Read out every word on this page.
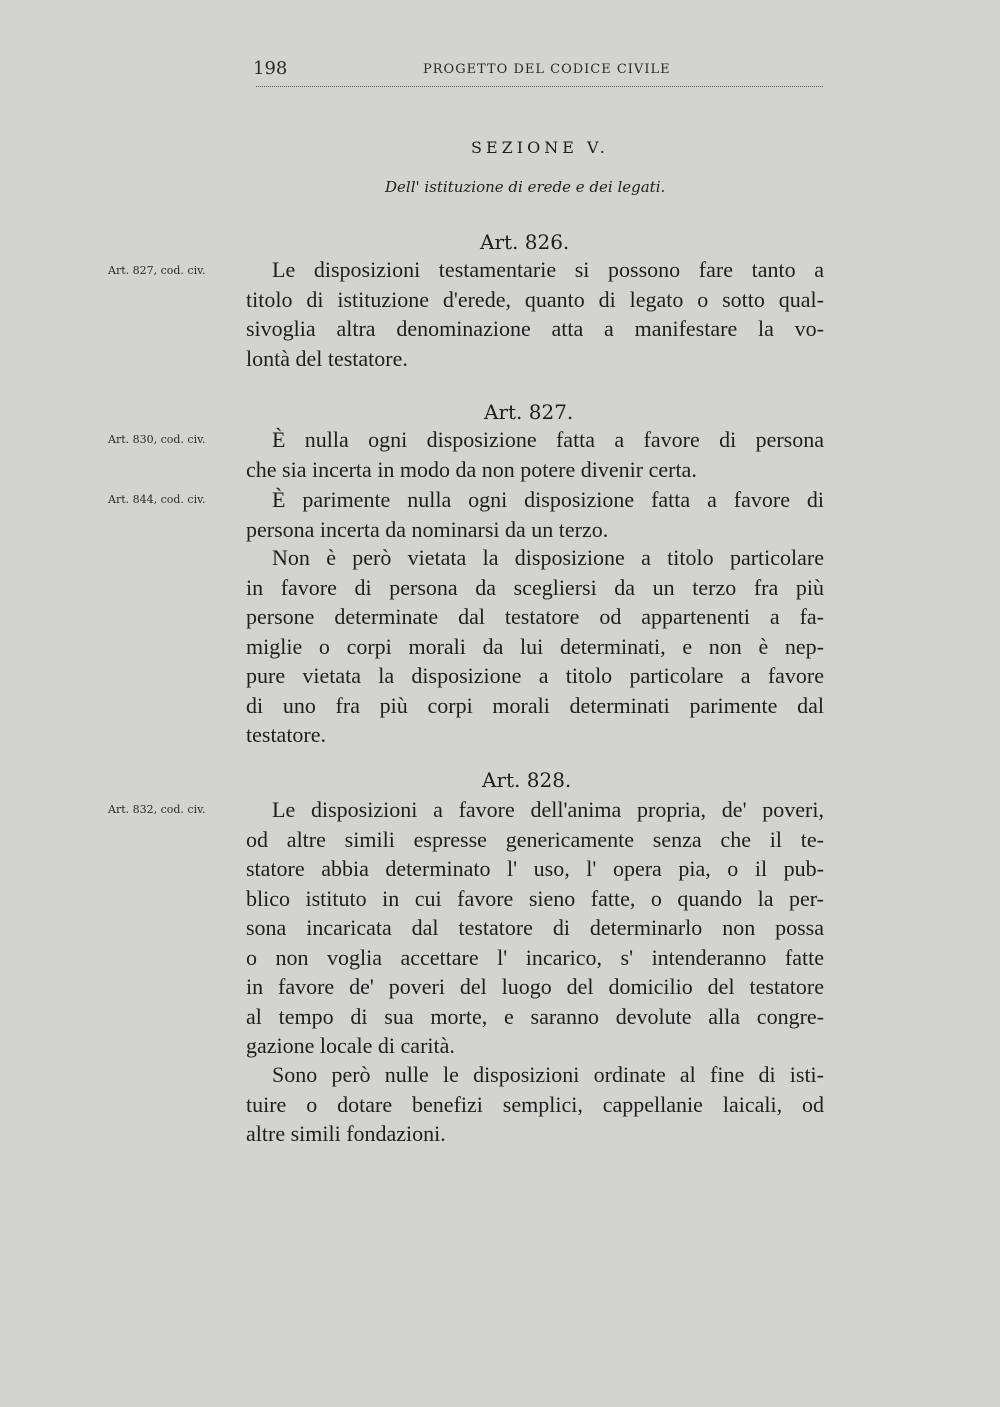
198	PROGETTO DEL CODICE CIVILE
SEZIONE V.
Dell' istituzione di erede e dei legati.
Art. 826.
Art. 827, cod. civ.	Le disposizioni testamentarie si possono fare tanto a
titolo di istituzione d'erede, quanto di legato o sotto qual-
sivoglia altra denominazione atta a manifestare la vo-
lontà del testatore.
Art. 827.
Art. 830, cod. civ.	È nulla ogni disposizione fatta a favore di persona
che sia incerta in modo da non potere divenir certa.
Art. 844, cod. civ.	È parimente nulla ogni disposizione fatta a favore di
persona incerta da nominarsi da un terzo.
Non è però vietata la disposizione a titolo particolare
in favore di persona da scegliersi da un terzo fra più
persone determinate dal testatore od appartenenti a fa-
miglie o corpi morali da lui determinati, e non è nep-
pure vietata la disposizione a titolo particolare a favore
di uno fra più corpi morali determinati parimente dal
testatore.
Art. 828.
Art. 832, cod. civ.	Le disposizioni a favore dell'anima propria, de' poveri,
od altre simili espresse genericamente senza che il te-
statore abbia determinato l' uso, l' opera pia, o il pub-
blico istituto in cui favore sieno fatte, o quando la per-
sona incaricata dal testatore di determinarlo non possa
o non voglia accettare l' incarico, s' intenderanno fatte
in favore de' poveri del luogo del domicilio del testatore
al tempo di sua morte, e saranno devolute alla congre-
gazione locale di carità.
Sono però nulle le disposizioni ordinate al fine di isti-
tuire o dotare benefizi semplici, cappellanie laicali, od
altre simili fondazioni.
